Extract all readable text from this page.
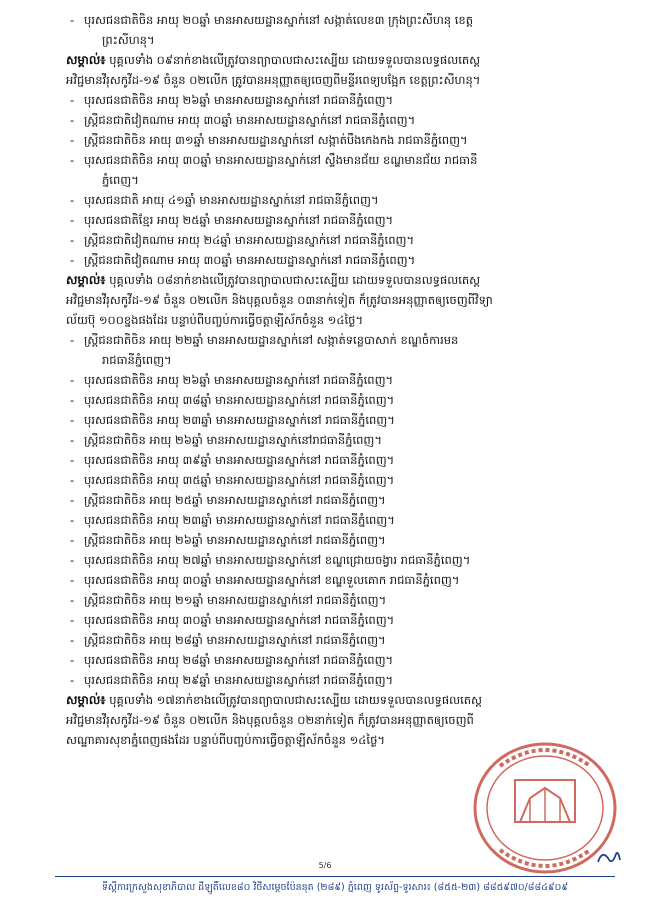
- បុរសជនជាតិចិន អាយុ ២០ឆ្នាំ មានអាសយដ្ឋានស្នាក់នៅ សង្កាត់លេខ៣ ក្រុងព្រះសីហនុ ខេត្ត
ព្រះសីហនុ។
សម្គាល់៖ បុគ្គលទាំង ០៩នាក់ខាងលើត្រូវបានព្យាបាលជាសះស្បើយ ដោយទទួលបានលទ្ធផលតេស្ត
អវិជ្ជមានវីរុសកូវីដ-១៩ ចំនួន ០២លើក ត្រូវបានអនុញ្ញាតឲ្យចេញពីមន្ទីរពេទ្យបង្អែក ខេត្តព្រះសីហនុ។
- បុរសជនជាតិចិន អាយុ ២៦ឆ្នាំ មានអាសយដ្ឋានស្នាក់នៅ រាជធានីភ្នំពេញ។
- ស្ត្រីជនជាតិវៀតណាម អាយុ ៣០ឆ្នាំ មានអាសយដ្ឋានស្នាក់នៅ រាជធានីភ្នំពេញ។
- ស្ត្រីជនជាតិចិន អាយុ ៣១ឆ្នាំ មានអាសយដ្ឋានស្នាក់នៅ សង្កាត់បឹងកេងកង រាជធានីភ្នំពេញ។
- បុរសជនជាតិចិន អាយុ ៣០ឆ្នាំ មានអាសយដ្ឋានស្នាក់នៅ ស្ទឹងមានជ័យ ខណ្ឌមានជ័យ រាជធានី
ភ្នំពេញ។
- បុរសជនជាតិ អាយុ ៤១ឆ្នាំ មានអាសយដ្ឋានស្នាក់នៅ រាជធានីភ្នំពេញ។
- បុរសជនជាតិខ្មែរ អាយុ ២៥ឆ្នាំ មានអាសយដ្ឋានស្នាក់នៅ រាជធានីភ្នំពេញ។
- ស្ត្រីជនជាតិវៀតណាម អាយុ ២៤ឆ្នាំ មានអាសយដ្ឋានស្នាក់នៅ រាជធានីភ្នំពេញ។
- ស្ត្រីជនជាតិវៀតណាម អាយុ ៣០ឆ្នាំ មានអាសយដ្ឋានស្នាក់នៅ រាជធានីភ្នំពេញ។
សម្គាល់៖ បុគ្គលទាំង ០៨នាក់ខាងលើត្រូវបានព្យាបាលជាសះស្បើយ ដោយទទួលបានលទ្ធផលតេស្ត
អវិជ្ជមានវីរុសកូវីដ-១៩ ចំនួន ០២លើក និងបុគ្គលចំនួន ០៣នាក់ទៀត ក៏ត្រូវបានអនុញ្ញាតឲ្យចេញពីវិទ្យា
ល័យប៊ុ ១០០ខ្នងផងដែរ បន្ទាប់ពីបញ្ចប់ការធ្វើចត្តាឡីស័កចំនួន ១៤ថ្ងៃ។
- ស្ត្រីជនជាតិចិន អាយុ ២២ឆ្នាំ មានអាសយដ្ឋានស្នាក់នៅ សង្កាត់ទន្លេបាសាក់ ខណ្ឌចំការមន
រាជធានីភ្នំពេញ។
- បុរសជនជាតិចិន អាយុ ២៦ឆ្នាំ មានអាសយដ្ឋានស្នាក់នៅ រាជធានីភ្នំពេញ។
- បុរសជនជាតិចិន អាយុ ៣៨ឆ្នាំ មានអាសយដ្ឋានស្នាក់នៅ រាជធានីភ្នំពេញ។
- បុរសជនជាតិចិន អាយុ ២៣ឆ្នាំ មានអាសយដ្ឋានស្នាក់នៅ រាជធានីភ្នំពេញ។
- ស្ត្រីជនជាតិចិន អាយុ ២៦ឆ្នាំ មានអាសយដ្ឋានស្នាក់នៅរាជធានីភ្នំពេញ។
- បុរសជនជាតិចិន អាយុ ៣៩ឆ្នាំ មានអាសយដ្ឋានស្នាក់នៅ រាជធានីភ្នំពេញ។
- បុរសជនជាតិចិន អាយុ ៣៥ឆ្នាំ មានអាសយដ្ឋានស្នាក់នៅ រាជធានីភ្នំពេញ។
- ស្ត្រីជនជាតិចិន អាយុ ២៥ឆ្នាំ មានអាសយដ្ឋានស្នាក់នៅ រាជធានីភ្នំពេញ។
- បុរសជនជាតិចិន អាយុ ២៣ឆ្នាំ មានអាសយដ្ឋានស្នាក់នៅ រាជធានីភ្នំពេញ។
- ស្ត្រីជនជាតិចិន អាយុ ២៦ឆ្នាំ មានអាសយដ្ឋានស្នាក់នៅ រាជធានីភ្នំពេញ។
- បុរសជនជាតិចិន អាយុ ២៧ឆ្នាំ មានអាសយដ្ឋានស្នាក់នៅ ខណ្ឌជ្រោយចង្វារ រាជធានីភ្នំពេញ។
- បុរសជនជាតិចិន អាយុ ៣០ឆ្នាំ មានអាសយដ្ឋានស្នាក់នៅ ខណ្ឌទួលគោក រាជធានីភ្នំពេញ។
- ស្ត្រីជនជាតិចិន អាយុ ២១ឆ្នាំ មានអាសយដ្ឋានស្នាក់នៅ រាជធានីភ្នំពេញ។
- បុរសជនជាតិចិន អាយុ ៣០ឆ្នាំ មានអាសយដ្ឋានស្នាក់នៅ រាជធានីភ្នំពេញ។
- ស្ត្រីជនជាតិចិន អាយុ ២៨ឆ្នាំ មានអាសយដ្ឋានស្នាក់នៅ រាជធានីភ្នំពេញ។
- បុរសជនជាតិចិន អាយុ ២៨ឆ្នាំ មានអាសយដ្ឋានស្នាក់នៅ រាជធានីភ្នំពេញ។
- បុរសជនជាតិចិន អាយុ ២៩ឆ្នាំ មានអាសយដ្ឋានស្នាក់នៅ រាជធានីភ្នំពេញ។
សម្គាល់៖ បុគ្គលទាំង ១៧នាក់ខាងលើត្រូវបានព្យាបាលជាសះស្បើយ ដោយទទួលបានលទ្ធផលតេស្ត
អវិជ្ជមានវីរុសកូវីដ-១៩ ចំនួន ០២លើក និងបុគ្គលចំនួន ០២នាក់ទៀត ក៏ត្រូវបានអនុញ្ញាតឲ្យចេញពី
សណ្ឋាគារសុខាភ្នំពេញផងដែរ បន្ទាប់ពីបញ្ចប់ការធ្វើចត្តាឡីស័កចំនួន ១៤ថ្ងៃ។
5/6
ទីស្តីការក្រសួងសុខាភិបាល ដីឡូតិ៍លេខ៨០ វិថីសម្តេចប៉ែននុត (២៨៩) ភ្នំពេញ ទូរស័ព្ទ-ទូរសារ៖ (៨៥៥-២៣) ៨៨៥៩៧០/៨៨៤៩០៩
